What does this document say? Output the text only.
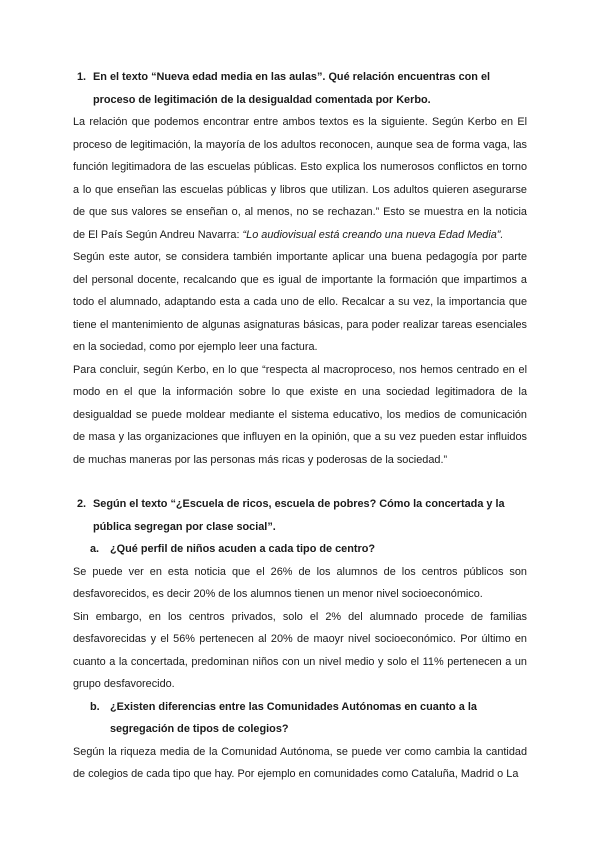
1. En el texto “Nueva edad media en las aulas”. Qué relación encuentras con el proceso de legitimación de la desigualdad comentada por Kerbo.
La relación que podemos encontrar entre ambos textos es la siguiente. Según Kerbo en El proceso de legitimación, la mayoría de los adultos reconocen, aunque sea de forma vaga, las función legitimadora de las escuelas públicas. Esto explica los numerosos conflictos en torno a lo que enseñan las escuelas públicas y libros que utilizan. Los adultos quieren asegurarse de que sus valores se enseñan o, al menos, no se rechazan.” Esto se muestra en la noticia de El País Según Andreu Navarra: “Lo audiovisual está creando una nueva Edad Media”.
Según este autor, se considera también importante aplicar una buena pedagogía por parte del personal docente, recalcando que es igual de importante la formación que impartimos a todo el alumnado, adaptando esta a cada uno de ello. Recalcar a su vez, la importancia que tiene el mantenimiento de algunas asignaturas básicas, para poder realizar tareas esenciales en la sociedad, como por ejemplo leer una factura.
Para concluir, según Kerbo, en lo que “respecta al macroproceso, nos hemos centrado en el modo en el que la información sobre lo que existe en una sociedad legitimadora de la desigualdad se puede moldear mediante el sistema educativo, los medios de comunicación de masa y las organizaciones que influyen en la opinión, que a su vez pueden estar influidos de muchas maneras por las personas más ricas y poderosas de la sociedad.”
2. Según el texto “¿Escuela de ricos, escuela de pobres? Cómo la concertada y la pública segregan por clase social”.
a. ¿Qué perfil de niños acuden a cada tipo de centro?
Se puede ver en esta noticia que el 26% de los alumnos de los centros públicos son desfavorecidos, es decir 20% de los alumnos tienen un menor nivel socioeconómico.
Sin embargo, en los centros privados, solo el 2% del alumnado procede de familias desfavorecidas y el 56% pertenecen al 20% de maoyr nivel socioeconómico. Por último en cuanto a la concertada, predominan niños con un nivel medio y solo el 11% pertenecen a un grupo desfavorecido.
b. ¿Existen diferencias entre las Comunidades Autónomas en cuanto a la segregación de tipos de colegios?
Según la riqueza media de la Comunidad Autónoma, se puede ver como cambia la cantidad de colegios de cada tipo que hay. Por ejemplo en comunidades como Cataluña, Madrid o La
